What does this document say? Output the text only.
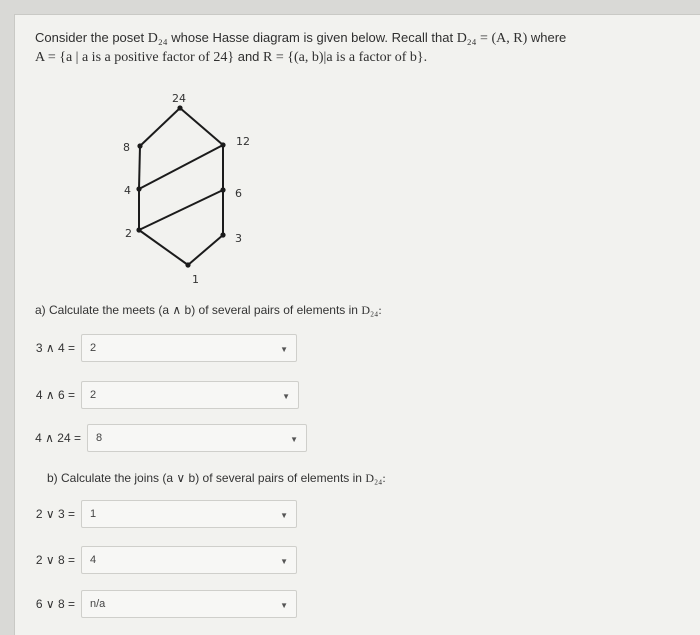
Consider the poset D₂₄ whose Hasse diagram is given below. Recall that D₂₄ = (A, R) where
A = {a | a is a positive factor of 24} and R = {(a, b)|a is a factor of b}.
24
12
8
6
4
3
2
1
a) Calculate the meets (a ∧ b) of several pairs of elements in D₂₄:
3 ∧ 4 = 2	▼
4 ∧ 6 = 2	▼
4 ∧ 24 = 8	▼
b) Calculate the joins (a ∨ b) of several pairs of elements in D₂₄:
2 ∨ 3 = 1	▼
2 ∨ 8 = 4	▼
6 ∨ 8 = n/a	▼
